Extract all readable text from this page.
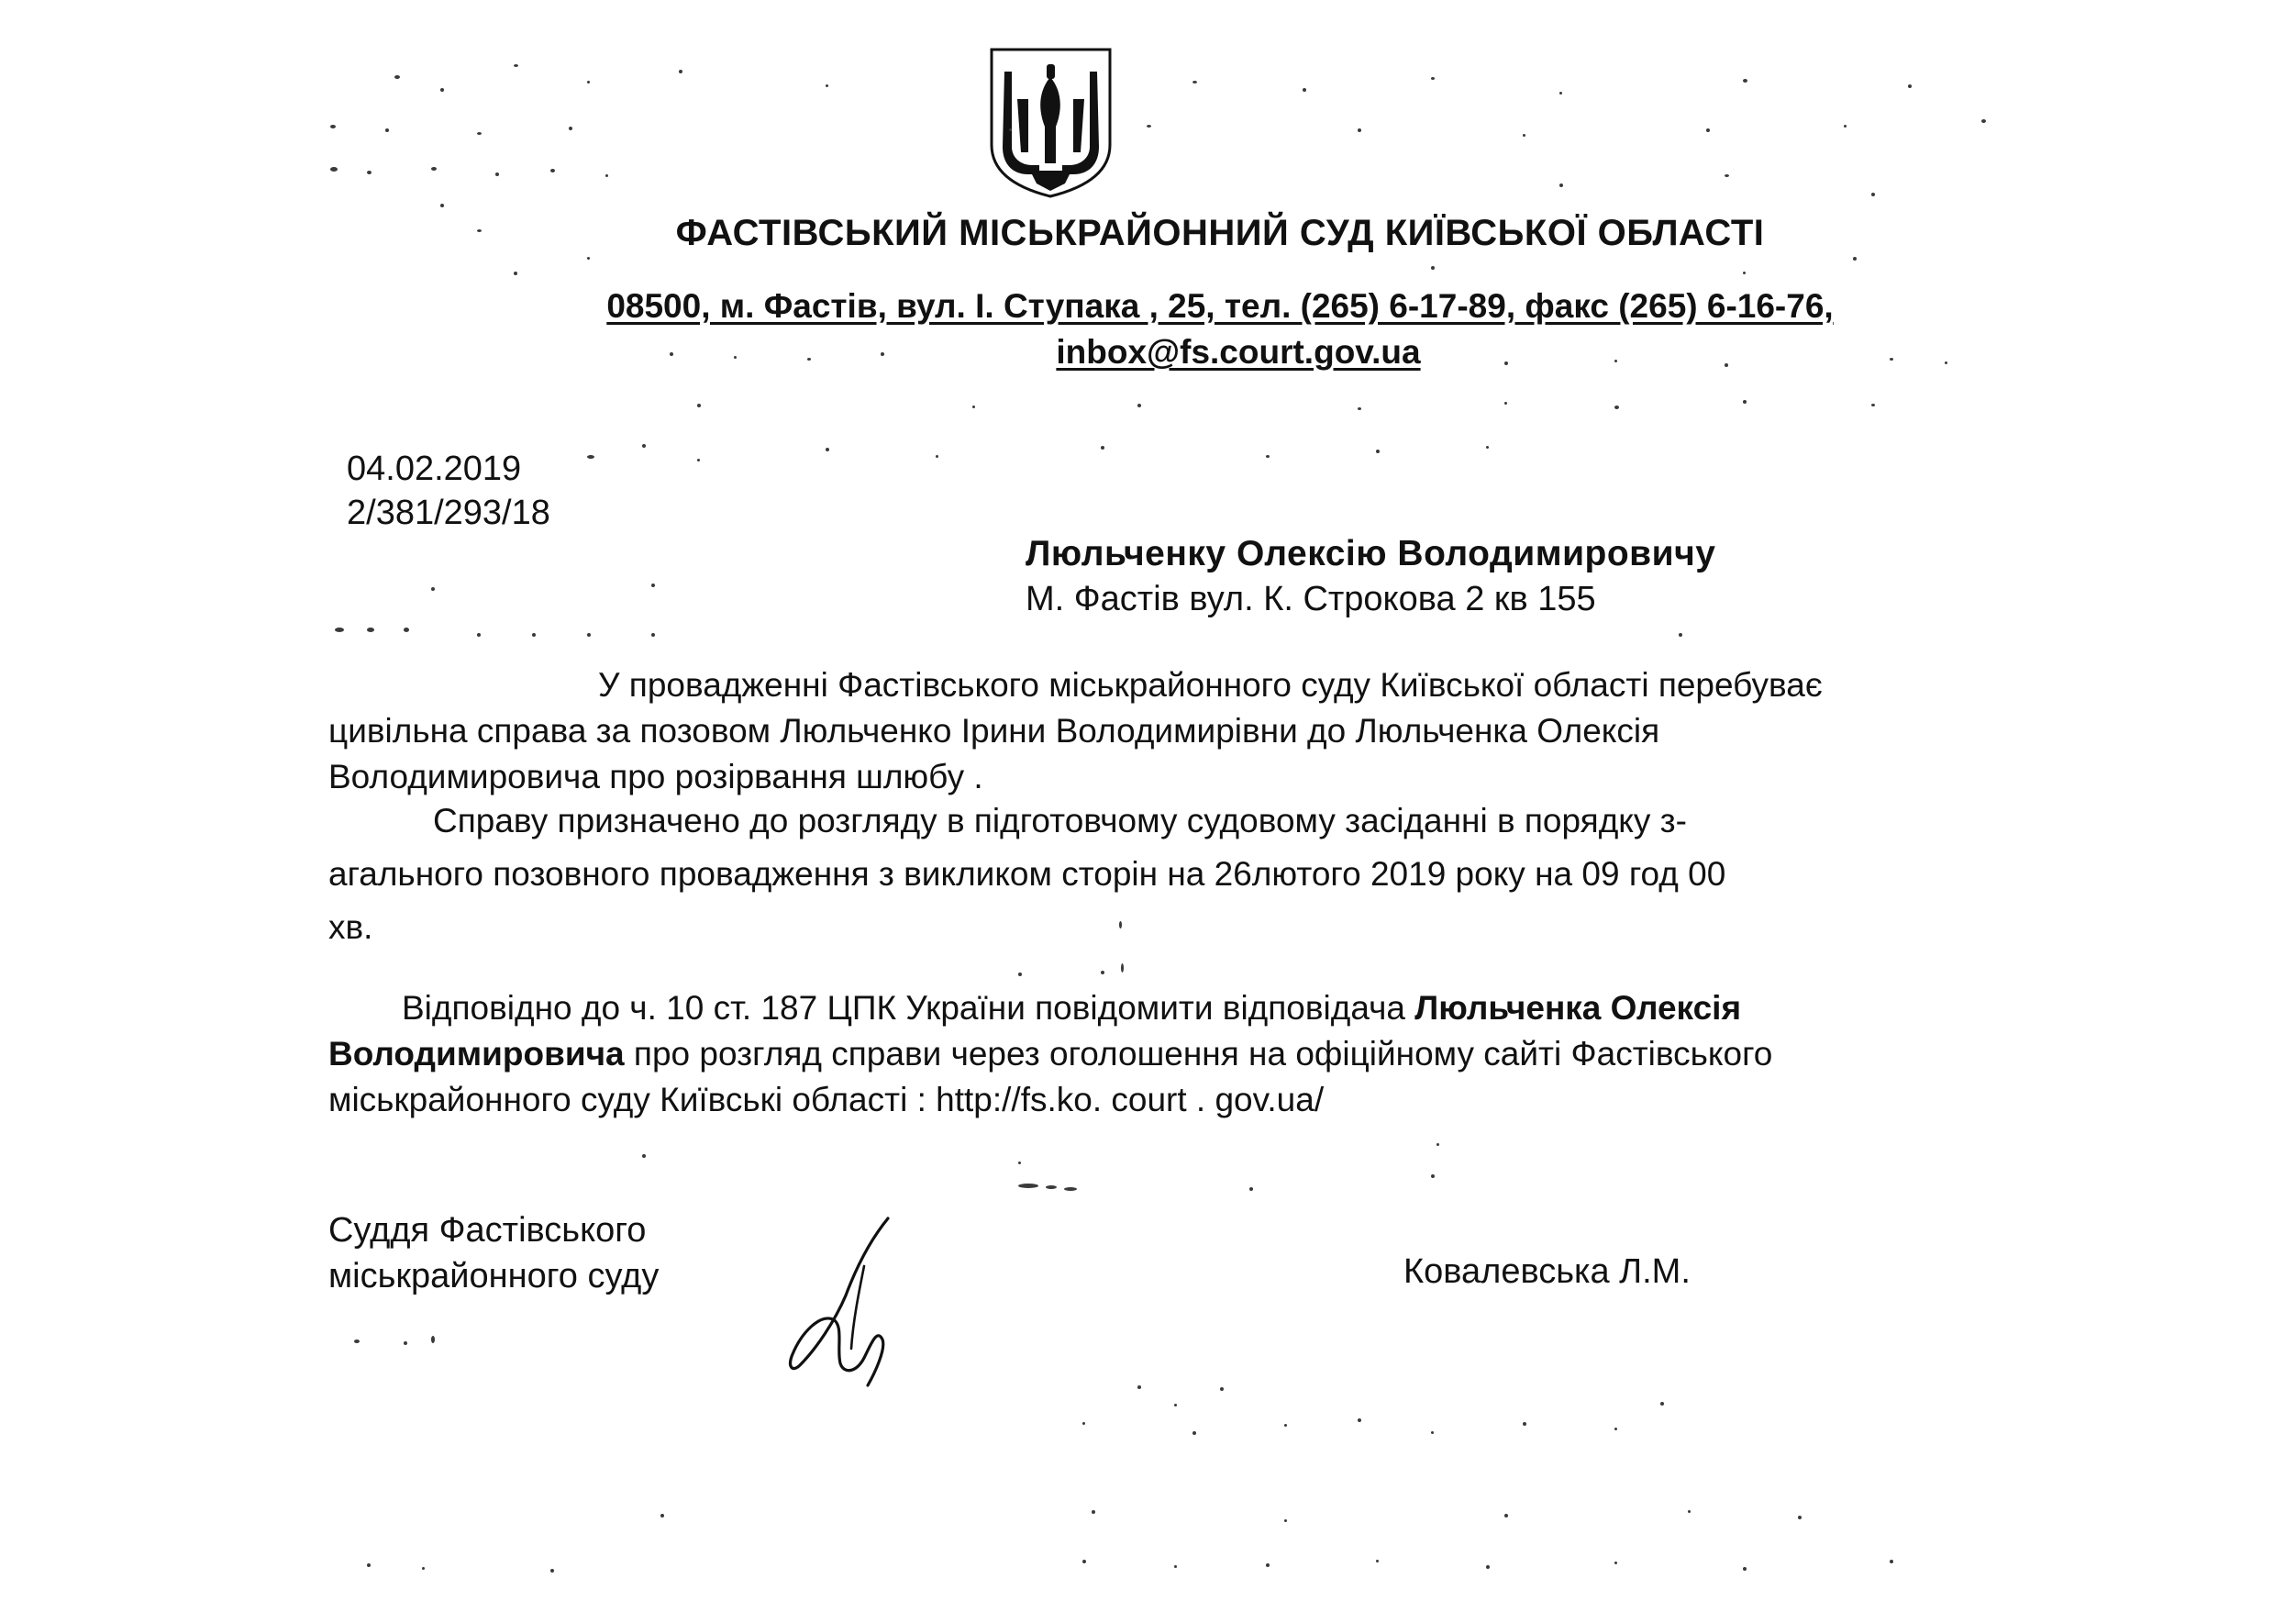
ФАСТІВСЬКИЙ МІСЬКРАЙОННИЙ СУД КИЇВСЬКОЇ ОБЛАСТІ
08500, м. Фастів, вул. І. Ступака , 25, тел. (265) 6-17-89, факс (265) 6-16-76,
inbox@fs.court.gov.ua
04.02.2019
2/381/293/18
Люльченку Олексію Володимировичу
М. Фастів вул. К. Строкова 2 кв 155
У провадженні Фастівського міськрайонного суду Київської області перебуває
цивільна справа за позовом Люльченко Ірини Володимирівни до Люльченка Олексія
Володимировича про розірвання шлюбу .
Справу призначено до розгляду в підготовчому судовому засіданні в порядку з-
агального позовного провадження з викликом сторін на 26лютого 2019 року на 09 год 00
хв.
Відповідно до ч. 10 ст. 187 ЦПК України повідомити відповідача Люльченка Олексія
Володимировича про розгляд справи через оголошення на офіційному сайті Фастівського
міськрайонного суду Київські області : http://fs.ko. court . gov.ua/
Суддя Фастівського
міськрайонного суду	Ковалевська Л.М.
